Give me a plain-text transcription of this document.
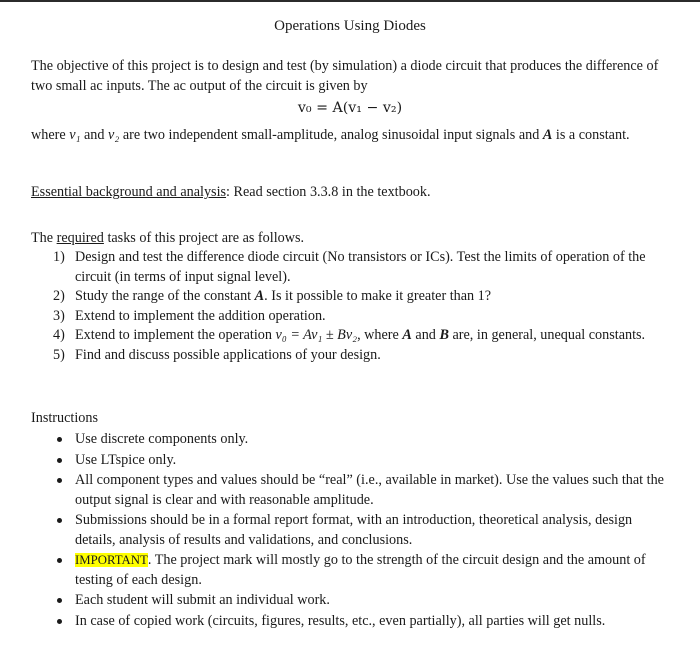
Operations Using Diodes
The objective of this project is to design and test (by simulation) a diode circuit that produces the difference of two small ac inputs. The ac output of the circuit is given by
v₀ = A(v₁ − v₂)
where v₁ and v₂ are two independent small-amplitude, analog sinusoidal input signals and A is a constant.
Essential background and analysis: Read section 3.3.8 in the textbook.
The required tasks of this project are as follows.
1) Design and test the difference diode circuit (No transistors or ICs). Test the limits of operation of the circuit (in terms of input signal level).
2) Study the range of the constant A. Is it possible to make it greater than 1?
3) Extend to implement the addition operation.
4) Extend to implement the operation v₀ = Av₁ ± Bv₂, where A and B are, in general, unequal constants.
5) Find and discuss possible applications of your design.
Instructions
Use discrete components only.
Use LTspice only.
All component types and values should be “real” (i.e., available in market). Use the values such that the output signal is clear and with reasonable amplitude.
Submissions should be in a formal report format, with an introduction, theoretical analysis, design details, analysis of results and validations, and conclusions.
IMPORTANT. The project mark will mostly go to the strength of the circuit design and the amount of testing of each design.
Each student will submit an individual work.
In case of copied work (circuits, figures, results, etc., even partially), all parties will get nulls.
